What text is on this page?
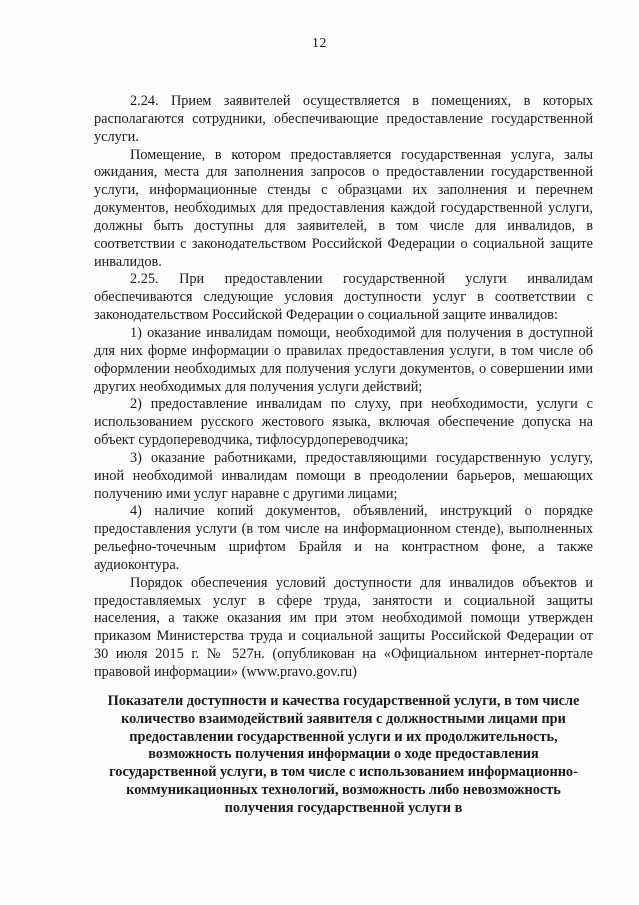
12

2.24. Прием заявителей осуществляется в помещениях, в которых располагаются сотрудники, обеспечивающие предоставление государственной услуги.

Помещение, в котором предоставляется государственная услуга, залы ожидания, места для заполнения запросов о предоставлении государственной услуги, информационные стенды с образцами их заполнения и перечнем документов, необходимых для предоставления каждой государственной услуги, должны быть доступны для заявителей, в том числе для инвалидов, в соответствии с законодательством Российской Федерации о социальной защите инвалидов.

2.25. При предоставлении государственной услуги инвалидам обеспечиваются следующие условия доступности услуг в соответствии с законодательством Российской Федерации о социальной защите инвалидов:

1) оказание инвалидам помощи, необходимой для получения в доступной для них форме информации о правилах предоставления услуги, в том числе об оформлении необходимых для получения услуги документов, о совершении ими других необходимых для получения услуги действий;

2) предоставление инвалидам по слуху, при необходимости, услуги с использованием русского жестового языка, включая обеспечение допуска на объект сурдопереводчика, тифлосурдопереводчика;

3) оказание работниками, предоставляющими государственную услугу, иной необходимой инвалидам помощи в преодолении барьеров, мешающих получению ими услуг наравне с другими лицами;

4) наличие копий документов, объявлений, инструкций о порядке предоставления услуги (в том числе на информационном стенде), выполненных рельефно-точечным шрифтом Брайля и на контрастном фоне, а также аудиоконтура.

Порядок обеспечения условий доступности для инвалидов объектов и предоставляемых услуг в сфере труда, занятости и социальной защиты населения, а также оказания им при этом необходимой помощи утвержден приказом Министерства труда и социальной защиты Российской Федерации от 30 июля 2015 г. № 527н. (опубликован на «Официальном интернет-портале правовой информации» (www.pravo.gov.ru)

Показатели доступности и качества государственной услуги, в том числе количество взаимодействий заявителя с должностными лицами при предоставлении государственной услуги и их продолжительность, возможность получения информации о ходе предоставления государственной услуги, в том числе с использованием информационно-коммуникационных технологий, возможность либо невозможность получения государственной услуги в
